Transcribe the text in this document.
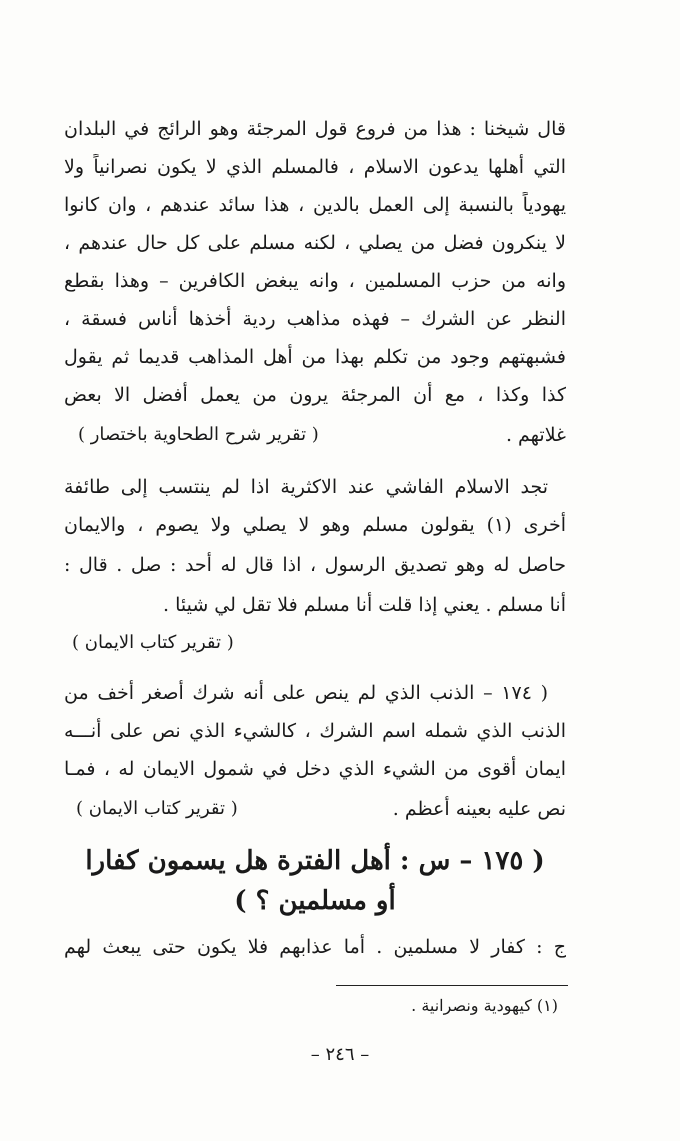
قال شيخنا : هذا من فروع قول المرجئة وهو الرائج في البلدان
التي أهلها يدعون الاسلام ، فالمسلم الذي لا يكون نصرانياً ولا
يهودياً بالنسبة إلى العمل بالدين ، هذا سائد عندهم ، وان كانوا
لا ينكرون فضل من يصلي ، لكنه مسلم على كل حال عندهم ،
وانه من حزب المسلمين ، وانه يبغض الكافرين – وهذا بقطع
النظر عن الشرك – فهذه مذاهب ردية أخذها أناس فسقة ،
فشبهتهم وجود من تكلم بهذا من أهل المذاهب قديما ثم يقول
كذا وكذا ، مع أن المرجئة يرون من يعمل أفضل الا بعض
غلاتهم .
( تقرير شرح الطحاوية باختصار )
تجد الاسلام الفاشي عند الاكثرية اذا لم ينتسب إلى طائفة
أخرى (١) يقولون مسلم وهو لا يصلي ولا يصوم ، والايمان
حاصل له وهو تصديق الرسول ، اذا قال له أحد : صل . قال :
أنا مسلم . يعني إذا قلت أنا مسلم فلا تقل لي شيئا .
( تقرير كتاب الايمان )
( ١٧٤ – الذنب الذي لم ينص على أنه شرك أصغر أخف من
الذنب الذي شمله اسم الشرك ، كالشيء الذي نص على أنـــه
ايمان أقوى من الشيء الذي دخل في شمول الايمان له ، فمـا
نص عليه بعينه أعظم .
( تقرير كتاب الايمان )
( ١٧٥ – س : أهل الفترة هل يسمون كفارا
أو مسلمين ؟ )
ج : كفار لا مسلمين . أما عذابهم فلا يكون حتى يبعث لهم
(١) كيهودية ونصرانية .
– ٢٤٦ –
